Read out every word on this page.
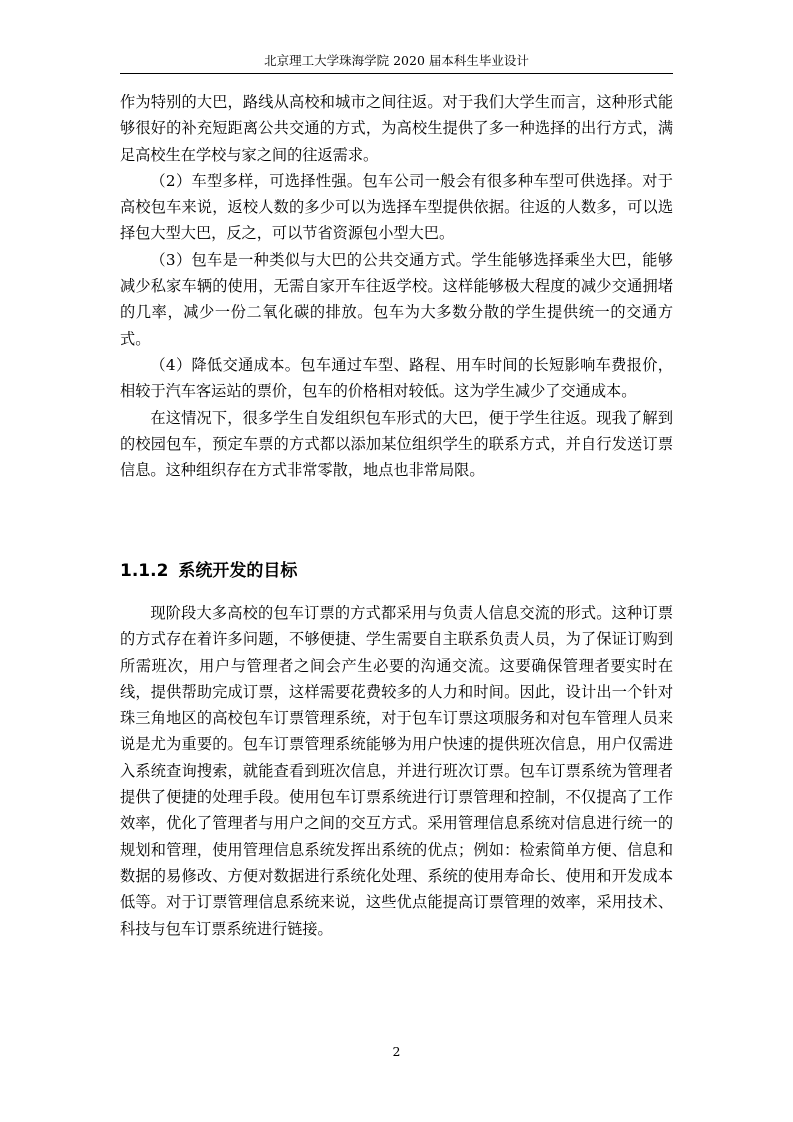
北京理工大学珠海学院 2020 届本科生毕业设计

作为特别的大巴，路线从高校和城市之间往返。对于我们大学生而言，这种形式能够很好的补充短距离公共交通的方式，为高校生提供了多一种选择的出行方式，满足高校生在学校与家之间的往返需求。

（2）车型多样，可选择性强。包车公司一般会有很多种车型可供选择。对于高校包车来说，返校人数的多少可以为选择车型提供依据。往返的人数多，可以选择包大型大巴，反之，可以节省资源包小型大巴。

（3）包车是一种类似与大巴的公共交通方式。学生能够选择乘坐大巴，能够减少私家车辆的使用，无需自家开车往返学校。这样能够极大程度的减少交通拥堵的几率，减少一份二氧化碳的排放。包车为大多数分散的学生提供统一的交通方式。

（4）降低交通成本。包车通过车型、路程、用车时间的长短影响车费报价，相较于汽车客运站的票价，包车的价格相对较低。这为学生减少了交通成本。

在这情况下，很多学生自发组织包车形式的大巴，便于学生往返。现我了解到的校园包车，预定车票的方式都以添加某位组织学生的联系方式，并自行发送订票信息。这种组织存在方式非常零散，地点也非常局限。

1.1.2 系统开发的目标

现阶段大多高校的包车订票的方式都采用与负责人信息交流的形式。这种订票的方式存在着许多问题，不够便捷、学生需要自主联系负责人员，为了保证订购到所需班次，用户与管理者之间会产生必要的沟通交流。这要确保管理者要实时在线，提供帮助完成订票，这样需要花费较多的人力和时间。因此，设计出一个针对珠三角地区的高校包车订票管理系统，对于包车订票这项服务和对包车管理人员来说是尤为重要的。包车订票管理系统能够为用户快速的提供班次信息，用户仅需进入系统查询搜索，就能查看到班次信息，并进行班次订票。包车订票系统为管理者提供了便捷的处理手段。使用包车订票系统进行订票管理和控制，不仅提高了工作效率，优化了管理者与用户之间的交互方式。采用管理信息系统对信息进行统一的规划和管理，使用管理信息系统发挥出系统的优点；例如：检索简单方便、信息和数据的易修改、方便对数据进行系统化处理、系统的使用寿命长、使用和开发成本低等。对于订票管理信息系统来说，这些优点能提高订票管理的效率，采用技术、科技与包车订票系统进行链接。

2
